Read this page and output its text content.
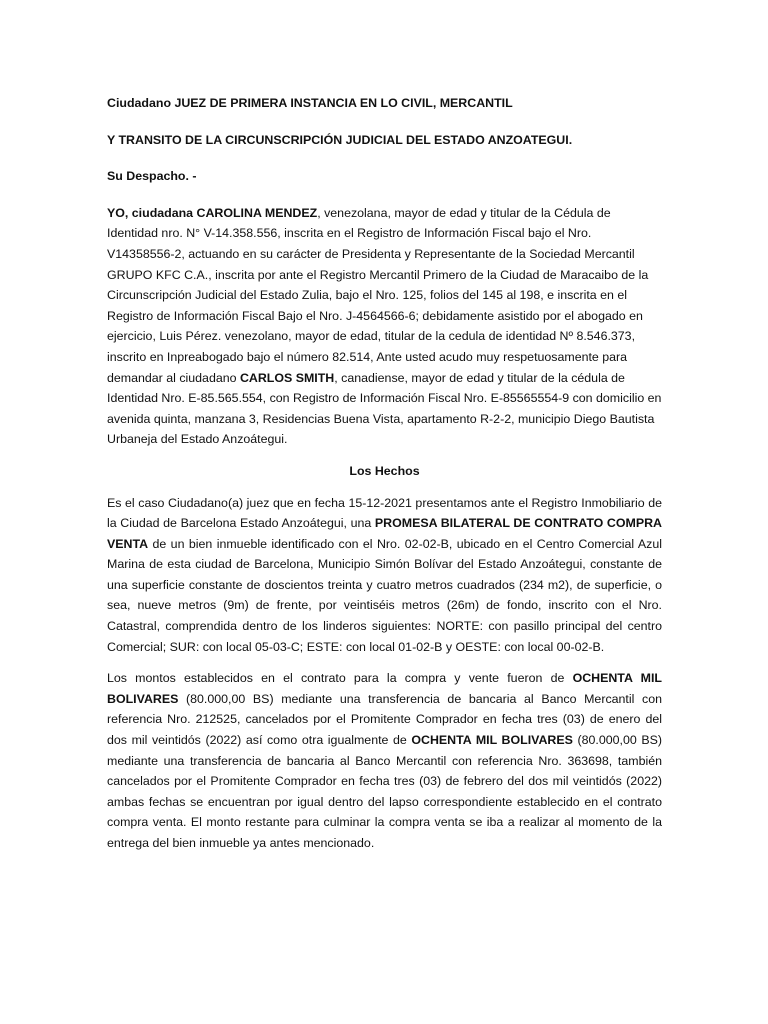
Ciudadano JUEZ DE PRIMERA INSTANCIA EN LO CIVIL, MERCANTIL
Y TRANSITO DE LA CIRCUNSCRIPCIÓN JUDICIAL DEL ESTADO ANZOATEGUI.
Su Despacho. -

YO, ciudadana CAROLINA MENDEZ, venezolana, mayor de edad y titular de la Cédula de Identidad nro. N° V-14.358.556, inscrita en el Registro de Información Fiscal bajo el Nro. V14358556-2, actuando en su carácter de Presidenta y Representante de la Sociedad Mercantil GRUPO KFC C.A., inscrita por ante el Registro Mercantil Primero de la Ciudad de Maracaibo de la Circunscripción Judicial del Estado Zulia, bajo el Nro. 125, folios del 145 al 198, e inscrita en el Registro de Información Fiscal Bajo el Nro. J-4564566-6; debidamente asistido por el abogado en ejercicio, Luis Pérez. venezolano, mayor de edad, titular de la cedula de identidad Nº 8.546.373, inscrito en Inpreabogado bajo el número 82.514, Ante usted acudo muy respetuosamente para demandar al ciudadano CARLOS SMITH, canadiense, mayor de edad y titular de la cédula de Identidad Nro. E-85.565.554, con Registro de Información Fiscal Nro. E-85565554-9 con domicilio en avenida quinta, manzana 3, Residencias Buena Vista, apartamento R-2-2, municipio Diego Bautista Urbaneja del Estado Anzoátegui.

Los Hechos

Es el caso Ciudadano(a) juez que en fecha 15-12-2021 presentamos ante el Registro Inmobiliario de la Ciudad de Barcelona Estado Anzoátegui, una PROMESA BILATERAL DE CONTRATO COMPRA VENTA de un bien inmueble identificado con el Nro. 02-02-B, ubicado en el Centro Comercial Azul Marina de esta ciudad de Barcelona, Municipio Simón Bolívar del Estado Anzoátegui, constante de una superficie constante de doscientos treinta y cuatro metros cuadrados (234 m2), de superficie, o sea, nueve metros (9m) de frente, por veintiséis metros (26m) de fondo, inscrito con el Nro. Catastral, comprendida dentro de los linderos siguientes: NORTE: con pasillo principal del centro Comercial; SUR: con local 05-03-C; ESTE: con local 01-02-B y OESTE: con local 00-02-B.

Los montos establecidos en el contrato para la compra y vente fueron de OCHENTA MIL BOLIVARES (80.000,00 BS) mediante una transferencia de bancaria al Banco Mercantil con referencia Nro. 212525, cancelados por el Promitente Comprador en fecha tres (03) de enero del dos mil veintidós (2022) así como otra igualmente de OCHENTA MIL BOLIVARES (80.000,00 BS) mediante una transferencia de bancaria al Banco Mercantil con referencia Nro. 363698, también cancelados por el Promitente Comprador en fecha tres (03) de febrero del dos mil veintidós (2022) ambas fechas se encuentran por igual dentro del lapso correspondiente establecido en el contrato compra venta. El monto restante para culminar la compra venta se iba a realizar al momento de la entrega del bien inmueble ya antes mencionado.
